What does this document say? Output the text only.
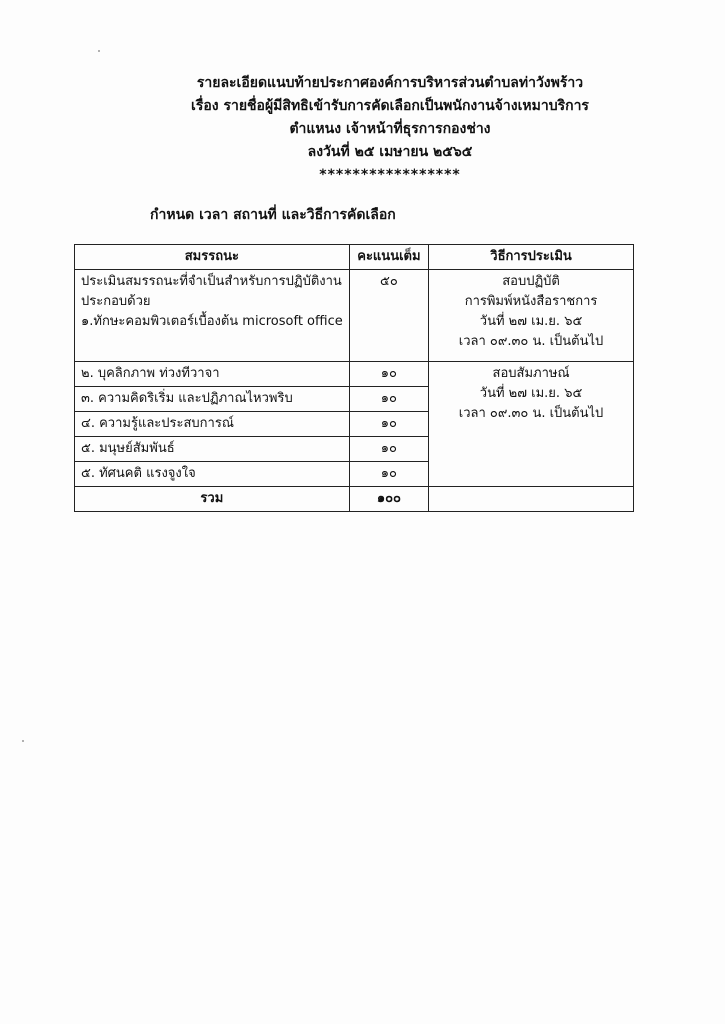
รายละเอียดแนบท้ายประกาศองค์การบริหารส่วนตำบลท่าวังพร้าว
เรื่อง รายชื่อผู้มีสิทธิเข้ารับการคัดเลือกเป็นพนักงานจ้างเหมาบริการ
ตำแหนง เจ้าหน้าที่ธุรการกองช่าง
ลงวันที่ ๒๕ เมษายน ๒๕๖๕
*****************
กำหนด เวลา สถานที่ และวิธีการคัดเลือก
สมรรถนะ	คะแนนเต็ม	วิธีการประเมิน

ประเมินสมรรถนะที่จำเป็นสำหรับการปฏิบัติงาน
ประกอบด้วย
๑.ทักษะคอมพิวเตอร์เบื้องต้น microsoft office	๕๐	สอบปฏิบัติ
การพิมพ์หนังสือราชการ
วันที่ ๒๗ เม.ย. ๖๕
เวลา ๐๙.๓๐ น. เป็นต้นไป

๒. บุคลิกภาพ ท่วงทีวาจา	๑๐	สอบสัมภาษณ์
วันที่ ๒๗ เม.ย. ๖๕
เวลา ๐๙.๓๐ น. เป็นต้นไป

๓. ความคิดริเริ่ม และปฏิภาณไหวพริบ	๑๐	
๔. ความรู้และประสบการณ์	๑๐	
๕. มนุษย์สัมพันธ์	๑๐	
๕. ทัศนคติ แรงจูงใจ	๑๐	
รวม	๑๐๐	
